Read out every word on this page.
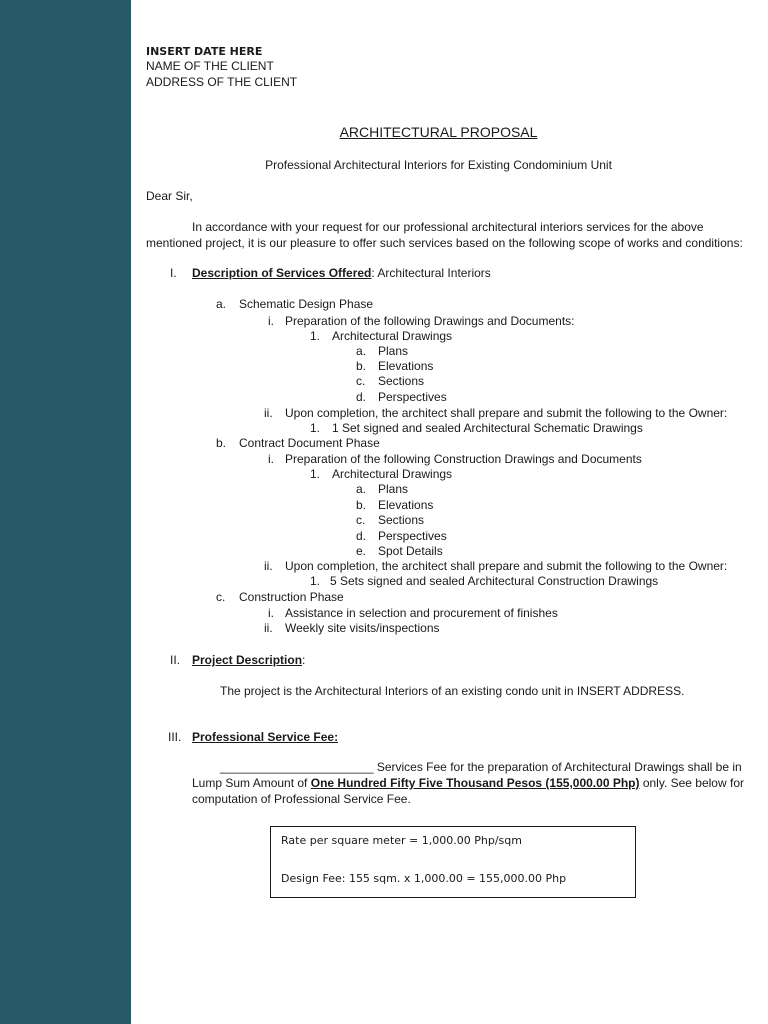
INSERT DATE HERE
NAME OF THE CLIENT
ADDRESS OF THE CLIENT
ARCHITECTURAL PROPOSAL
Professional Architectural Interiors for Existing Condominium Unit
Dear Sir,
In accordance with your request for our professional architectural interiors services for the above
mentioned project, it is our pleasure to offer such services based on the following scope of works and conditions:
I. Description of Services Offered: Architectural Interiors
a. Schematic Design Phase
i. Preparation of the following Drawings and Documents:
1. Architectural Drawings
a. Plans
b. Elevations
c. Sections
d. Perspectives
ii. Upon completion, the architect shall prepare and submit the following to the Owner:
1. 1 Set signed and sealed Architectural Schematic Drawings
b. Contract Document Phase
i. Preparation of the following Construction Drawings and Documents
1. Architectural Drawings
a. Plans
b. Elevations
c. Sections
d. Perspectives
e. Spot Details
ii. Upon completion, the architect shall prepare and submit the following to the Owner:
1. 5 Sets signed and sealed Architectural Construction Drawings
c. Construction Phase
i. Assistance in selection and procurement of finishes
ii. Weekly site visits/inspections
II. Project Description:
The project is the Architectural Interiors of an existing condo unit in INSERT ADDRESS.
III. Professional Service Fee:
_______________________ Services Fee for the preparation of Architectural Drawings shall be in
Lump Sum Amount of One Hundred Fifty Five Thousand Pesos (155,000.00 Php) only. See below for
computation of Professional Service Fee.
Rate per square meter = 1,000.00 Php/sqm
Design Fee: 155 sqm. x 1,000.00 = 155,000.00 Php
